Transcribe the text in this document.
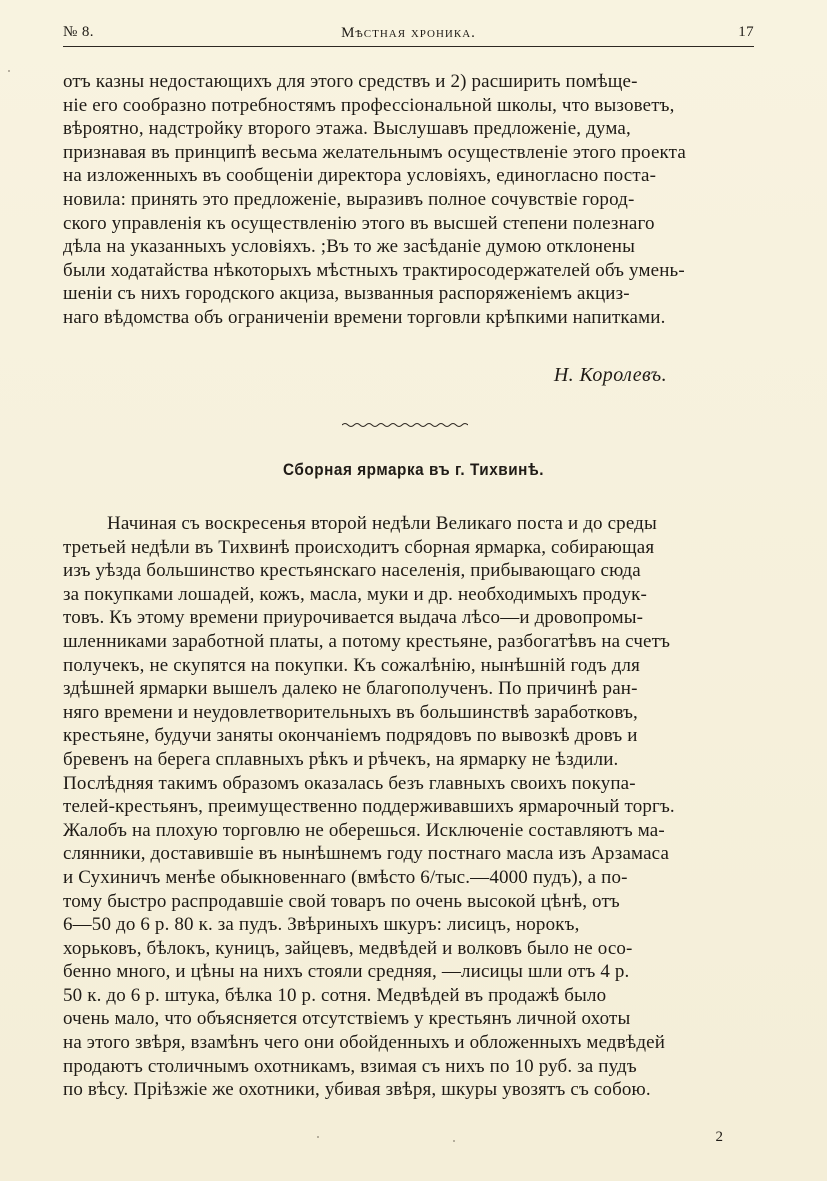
№ 8.	Мѣстная хроника.	17

отъ казны недостающихъ для этого средствъ и 2) расширить помѣще-

ніе его сообразно потребностямъ профессіональной школы, что вызоветъ,

вѣроятно, надстройку второго этажа. Выслушавъ предложеніе, дума,

признавая въ принципѣ весьма желательнымъ осуществленіе этого проекта

на изложенныхъ въ сообщеніи директора условіяхъ, единогласно поста-

новила: принять это предложеніе, выразивъ полное сочувствіе город-

ского управленія къ осуществленію этого въ высшей степени полезнаго

дѣла на указанныхъ условіяхъ. ;Въ то же засѣданіе думою отклонены

были ходатайства нѣкоторыхъ мѣстныхъ трактиросодержателей объ умень-

шеніи съ нихъ городского акциза, вызванныя распоряженіемъ акциз-

наго вѣдомства объ ограниченіи времени торговли крѣпкими напитками.

Н. Королевъ.
Сборная ярмарка въ г. Тихвинѣ.

Начиная съ воскресенья второй недѣли Великаго поста и до среды

третьей недѣли въ Тихвинѣ происходитъ сборная ярмарка, собирающая

изъ уѣзда большинство крестьянскаго населенія, прибывающаго сюда

за покупками лошадей, кожъ, масла, муки и др. необходимыхъ продук-

товъ. Къ этому времени приурочивается выдача лѣсо—и дровопромы-

шленниками заработной платы, а потому крестьяне, разбогатѣвъ на счетъ

получекъ, не скупятся на покупки. Къ сожалѣнію, нынѣшній годъ для

здѣшней ярмарки вышелъ далеко не благополученъ. По причинѣ ран-

няго времени и неудовлетворительныхъ въ большинствѣ заработковъ,

крестьяне, будучи заняты окончаніемъ подрядовъ по вывозкѣ дровъ и

бревенъ на берега сплавныхъ рѣкъ и рѣчекъ, на ярмарку не ѣздили.

Послѣдняя такимъ образомъ оказалась безъ главныхъ своихъ покупа-

телей-крестьянъ, преимущественно поддерживавшихъ ярмарочный торгъ.

Жалобъ на плохую торговлю не оберешься. Исключеніе составляютъ ма-

слянники, доставившіе въ нынѣшнемъ году постнаго масла изъ Арзамаса

и Сухиничъ менѣе обыкновеннаго (вмѣсто 6/тыс.—4000 пудъ), а по-

тому быстро распродавшіе свой товаръ по очень высокой цѣнѣ, отъ

6—50 до 6 р. 80 к. за пудъ. Звѣриныхъ шкуръ: лисицъ, норокъ,

хорьковъ, бѣлокъ, куницъ, зайцевъ, медвѣдей и волковъ было не осо-

бенно много, и цѣны на нихъ стояли средняя, —лисицы шли отъ 4 р.

50 к. до 6 р. штука, бѣлка 10 р. сотня. Медвѣдей въ продажѣ было

очень мало, что объясняется отсутствіемъ у крестьянъ личной охоты

на этого звѣря, взамѣнъ чего они обойденныхъ и обложенныхъ медвѣдей

продаютъ столичнымъ охотникамъ, взимая съ нихъ по 10 руб. за пудъ

по вѣсу. Пріѣзжіе же охотники, убивая звѣря, шкуры увозятъ съ собою.

2
